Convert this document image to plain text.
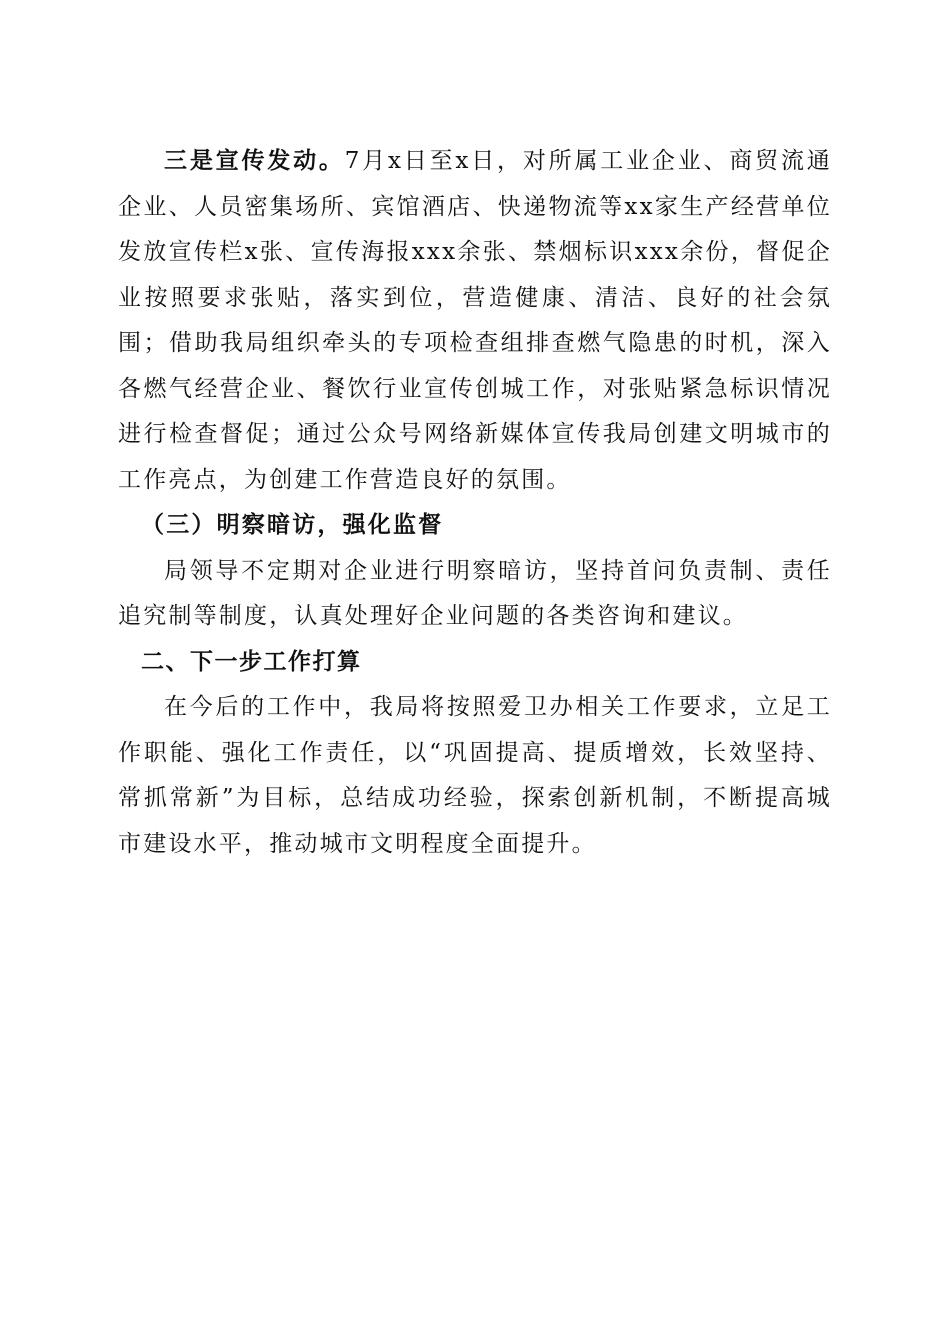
三是宣传发动。7月x日至x日，对所属工业企业、商贸流通企业、人员密集场所、宾馆酒店、快递物流等xx家生产经营单位发放宣传栏x张、宣传海报xxx余张、禁烟标识xxx余份，督促企业按照要求张贴，落实到位，营造健康、清洁、良好的社会氛围；借助我局组织牵头的专项检查组排查燃气隐患的时机，深入各燃气经营企业、餐饮行业宣传创城工作，对张贴紧急标识情况进行检查督促；通过公众号网络新媒体宣传我局创建文明城市的工作亮点，为创建工作营造良好的氛围。

（三）明察暗访，强化监督

局领导不定期对企业进行明察暗访，坚持首问负责制、责任追究制等制度，认真处理好企业问题的各类咨询和建议。

二、下一步工作打算

在今后的工作中，我局将按照爱卫办相关工作要求，立足工作职能、强化工作责任，以“巩固提高、提质增效，长效坚持、常抓常新”为目标，总结成功经验，探索创新机制，不断提高城市建设水平，推动城市文明程度全面提升。
